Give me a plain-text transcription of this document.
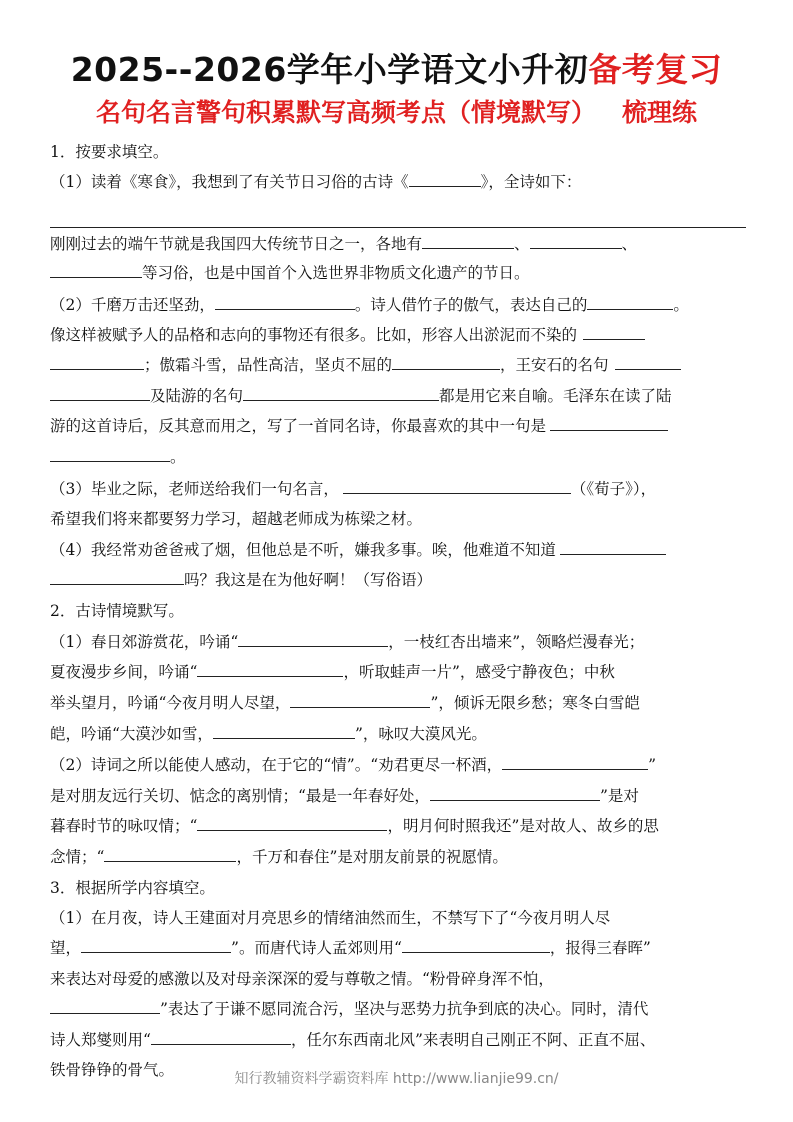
2025--2026学年小学语文小升初备考复习
名句名言警句积累默写高频考点（情境默写） 梳理练
1．按要求填空。
（1）读着《寒食》，我想到了有关节日习俗的古诗《	》，全诗如下：
刚刚过去的端午节就是我国四大传统节日之一，各地有	、	、
等习俗，也是中国首个入选世界非物质文化遗产的节日。
（2）千磨万击还坚劲，	。诗人借竹子的傲气，表达自己的	。
像这样被赋予人的品格和志向的事物还有很多。比如，形容人出淤泥而不染的
；傲霜斗雪，品性高洁，坚贞不屈的	，王安石的名句
及陆游的名句	都是用它来自喻。毛泽东在读了陆
游的这首诗后，反其意而用之，写了一首同名诗，你最喜欢的其中一句是
。
（3）毕业之际，老师送给我们一句名言，	（《荀子》），
希望我们将来都要努力学习，超越老师成为栋梁之材。
（4）我经常劝爸爸戒了烟，但他总是不听，嫌我多事。唉，他难道不知道
吗？我这是在为他好啊！（写俗语）
2．古诗情境默写。
（1）春日郊游赏花，吟诵“	，一枝红杏出墙来”，领略烂漫春光；
夏夜漫步乡间，吟诵“	，听取蛙声一片”，感受宁静夜色；中秋
举头望月，吟诵“今夜月明人尽望，	”，倾诉无限乡愁；寒冬白雪皑
皑，吟诵“大漠沙如雪，	”，咏叹大漠风光。
（2）诗词之所以能使人感动，在于它的“情”。“劝君更尽一杯酒，	”
是对朋友远行关切、惦念的离别情；“最是一年春好处，	”是对
暮春时节的咏叹情；“	，明月何时照我还”是对故人、故乡的思
念情；“	，千万和春住”是对朋友前景的祝愿情。
3．根据所学内容填空。
（1）在月夜，诗人王建面对月亮思乡的情绪油然而生，不禁写下了“今夜月明人尽
望，	”。而唐代诗人孟郊则用“	，报得三春晖”
来表达对母爱的感激以及对母亲深深的爱与尊敬之情。“粉骨碎身浑不怕，
”表达了于谦不愿同流合污，坚决与恶势力抗争到底的决心。同时，清代
诗人郑燮则用“	，任尔东西南北风”来表明自己刚正不阿、正直不屈、
铁骨铮铮的骨气。	知行教辅资料学霸资料库 http://www.lianjie99.cn/
